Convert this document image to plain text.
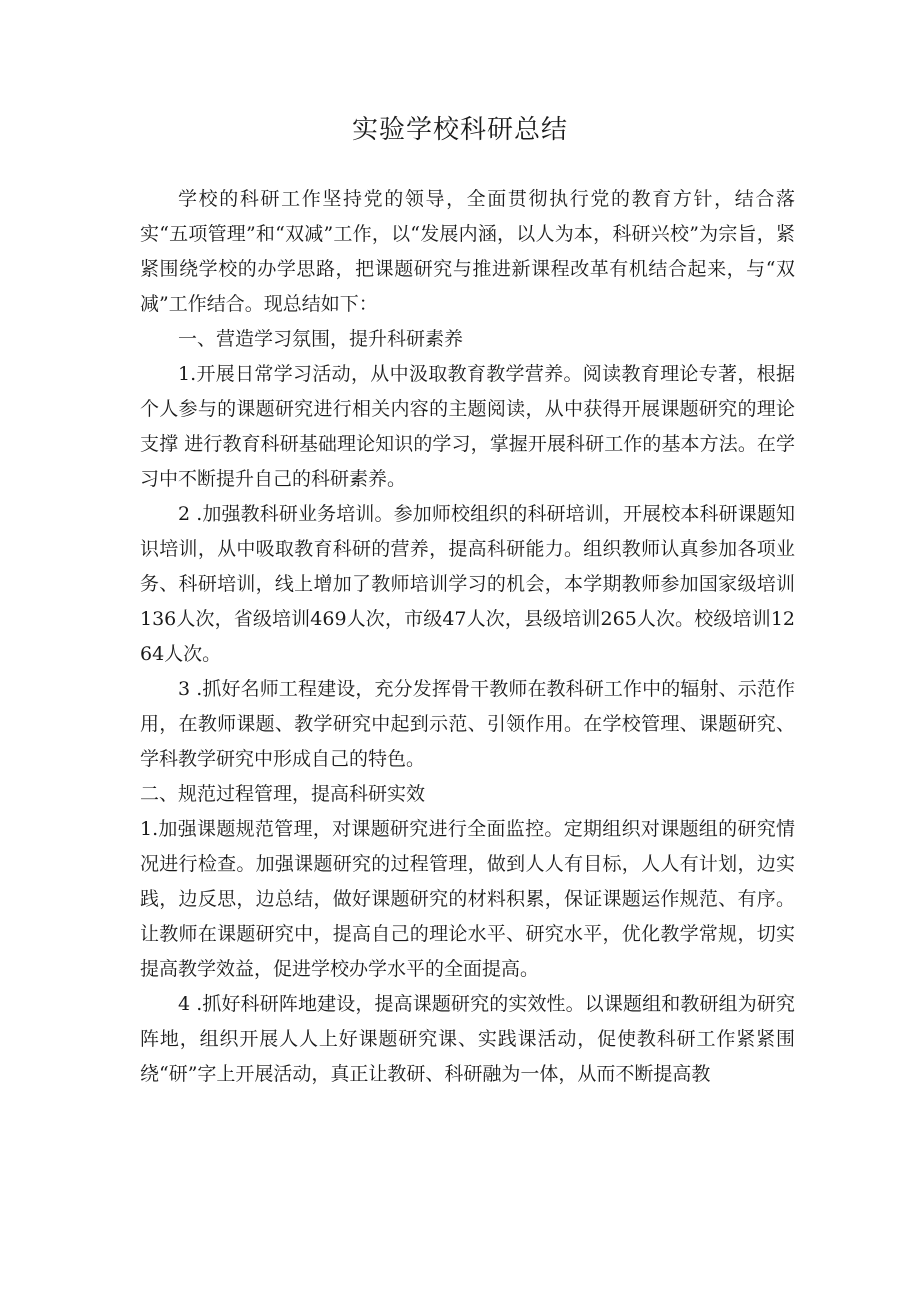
实验学校科研总结

学校的科研工作坚持党的领导，全面贯彻执行党的教育方针，结合落实“五项管理”和“双减”工作，以“发展内涵，以人为本，科研兴校”为宗旨，紧紧围绕学校的办学思路，把课题研究与推进新课程改革有机结合起来，与“双减”工作结合。现总结如下：

一、营造学习氛围，提升科研素养

1.开展日常学习活动，从中汲取教育教学营养。阅读教育理论专著，根据个人参与的课题研究进行相关内容的主题阅读，从中获得开展课题研究的理论支撑 进行教育科研基础理论知识的学习，掌握开展科研工作的基本方法。在学习中不断提升自己的科研素养。

2 .加强教科研业务培训。参加师校组织的科研培训，开展校本科研课题知识培训，从中吸取教育科研的营养，提高科研能力。组织教师认真参加各项业务、科研培训，线上增加了教师培训学习的机会，本学期教师参加国家级培训136人次，省级培训469人次，市级47人次，县级培训265人次。校级培训1264人次。

3 .抓好名师工程建设，充分发挥骨干教师在教科研工作中的辐射、示范作用，在教师课题、教学研究中起到示范、引领作用。在学校管理、课题研究、学科教学研究中形成自己的特色。

二、规范过程管理，提高科研实效

1.加强课题规范管理，对课题研究进行全面监控。定期组织对课题组的研究情况进行检查。加强课题研究的过程管理，做到人人有目标，人人有计划，边实践，边反思，边总结，做好课题研究的材料积累，保证课题运作规范、有序。让教师在课题研究中，提高自己的理论水平、研究水平，优化教学常规，切实提高教学效益，促进学校办学水平的全面提高。

4 .抓好科研阵地建设，提高课题研究的实效性。以课题组和教研组为研究阵地，组织开展人人上好课题研究课、实践课活动，促使教科研工作紧紧围绕“研”字上开展活动，真正让教研、科研融为一体，从而不断提高教
